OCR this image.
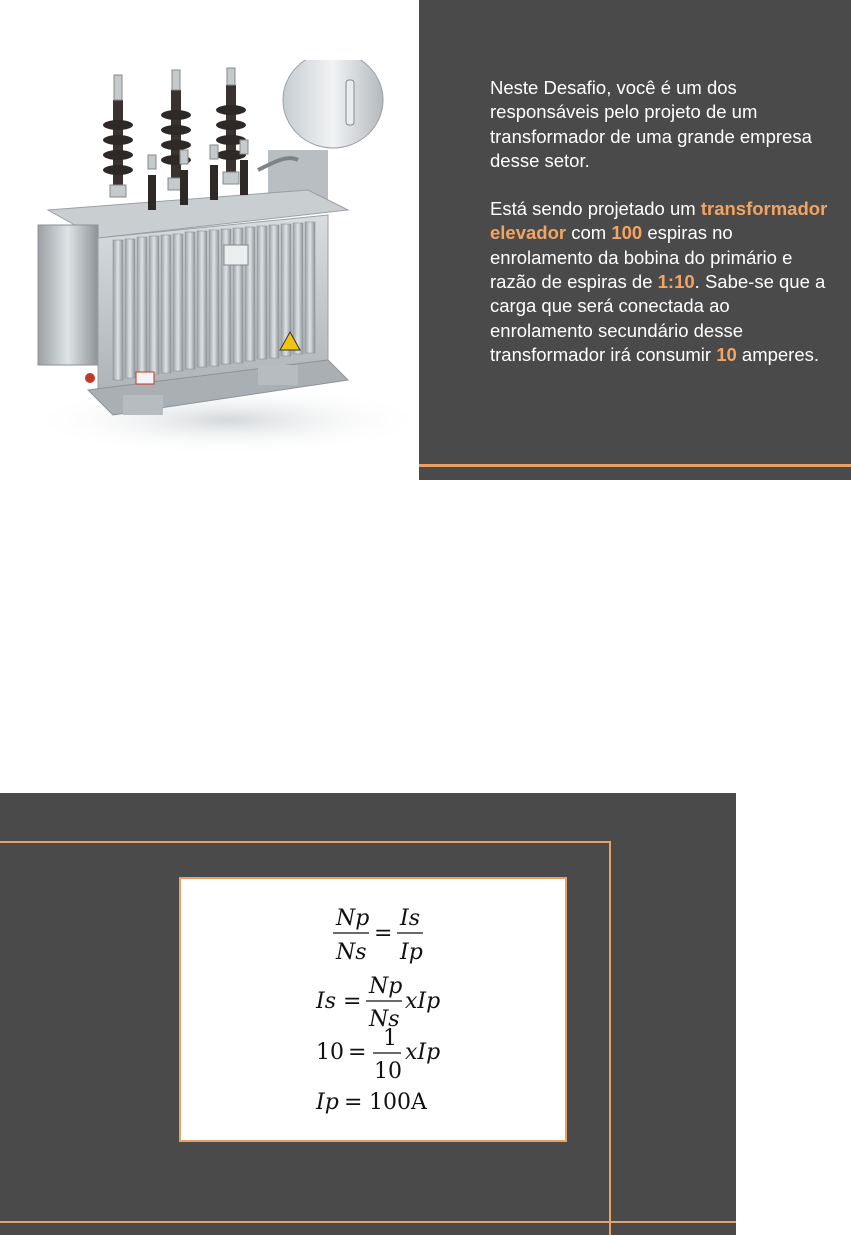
Neste Desafio, você é um dos responsáveis pelo projeto de um transformador de uma grande empresa desse setor.

Está sendo projetado um transformador elevador com 100 espiras no enrolamento da bobina do primário e razão de espiras de 1:10. Sabe-se que a carga que será conectada ao enrolamento secundário desse transformador irá consumir 10 amperes.

Np
Ns
=
Is
Ip
Is =
Np
Ns
xIp
10 =
1
10
xIp
Ip = 100A
